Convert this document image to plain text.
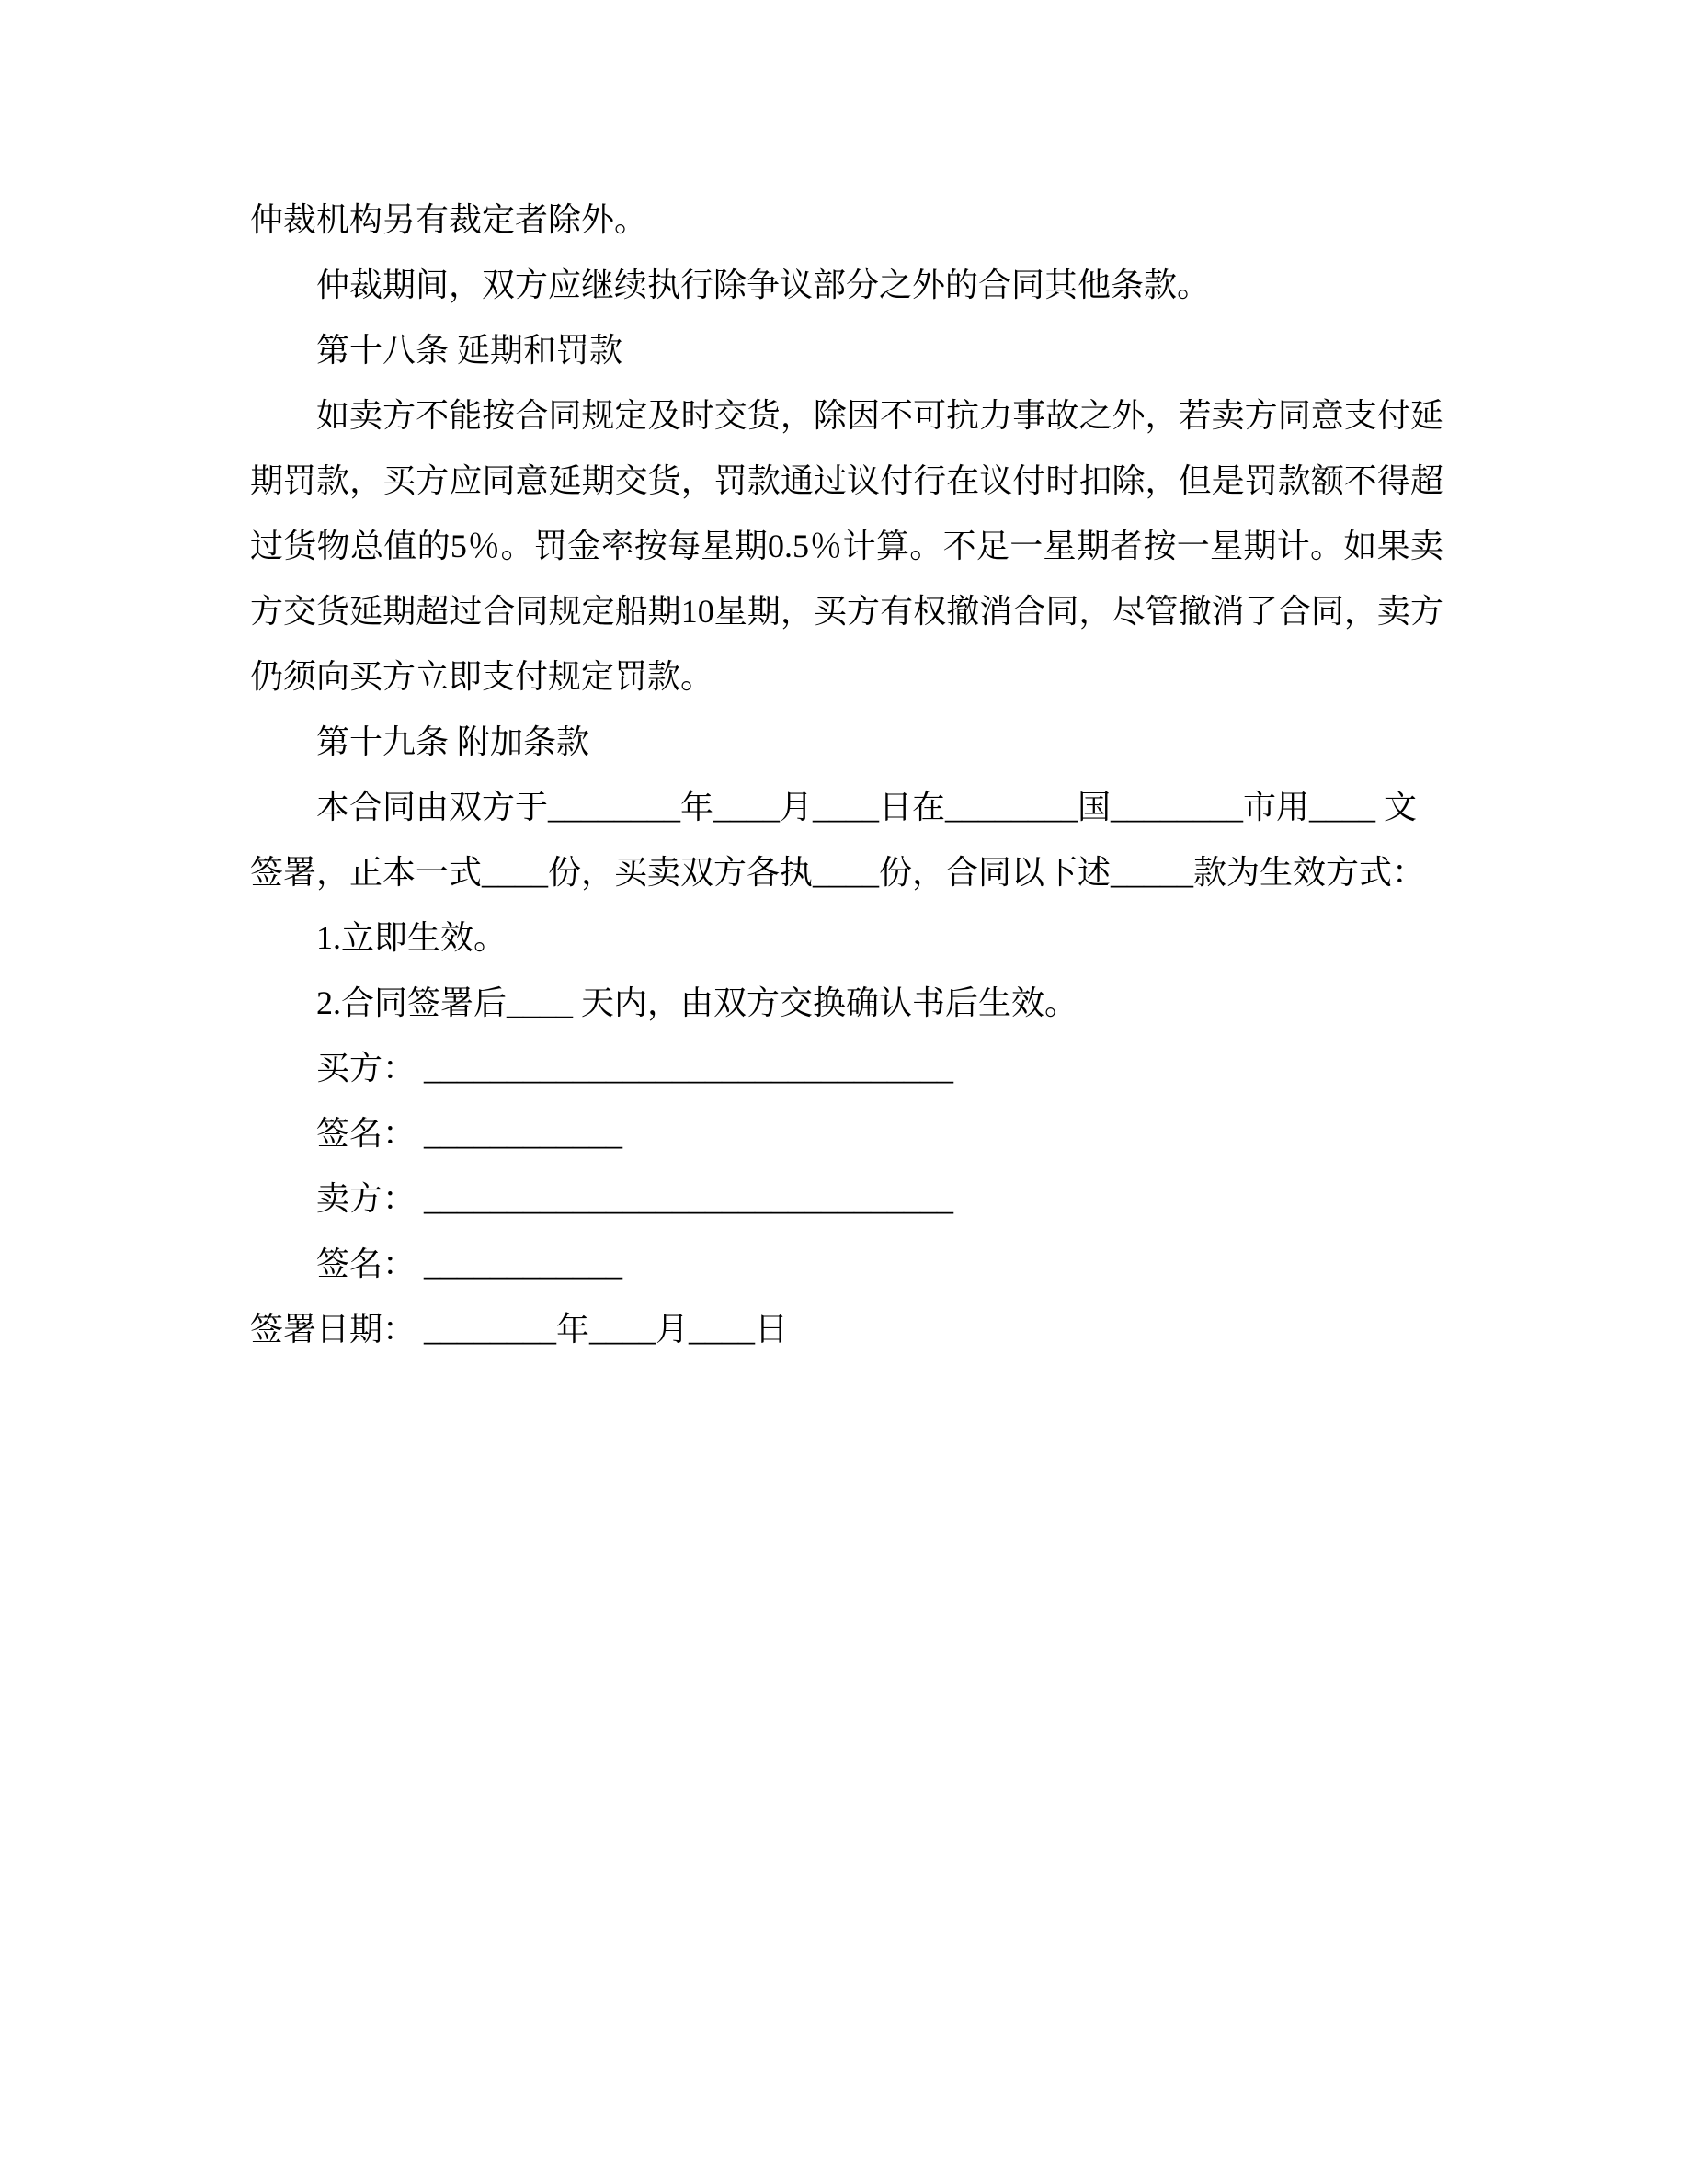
仲裁机构另有裁定者除外。

仲裁期间，双方应继续执行除争议部分之外的合同其他条款。

第十八条 延期和罚款

如卖方不能按合同规定及时交货，除因不可抗力事故之外，若卖方同意支付延

期罚款，买方应同意延期交货，罚款通过议付行在议付时扣除，但是罚款额不得超

过货物总值的5％。罚金率按每星期0.5％计算。不足一星期者按一星期计。如果卖

方交货延期超过合同规定船期10星期，买方有权撤消合同，尽管撤消了合同，卖方

仍须向买方立即支付规定罚款。

第十九条 附加条款

本合同由双方于________年____月____日在________国________市用____ 文

签署，正本一式____份，买卖双方各执____份，合同以下述_____款为生效方式：

1.立即生效。

2.合同签署后____ 天内，由双方交换确认书后生效。

买方： ________________________________

签名： ____________

卖方： ________________________________

签名： ____________

签署日期： ________年____月____日
